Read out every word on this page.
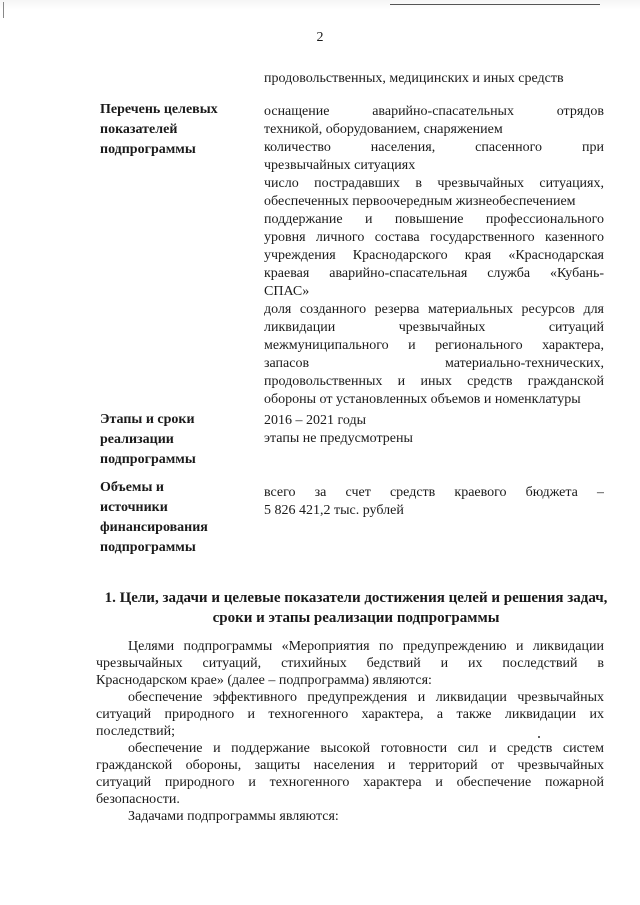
2
продовольственных, медицинских и иных средств
Перечень целевых
показателей
подпрограммы
оснащение аварийно-спасательных отрядов
техникой, оборудованием, снаряжением
количество населения, спасенного при
чрезвычайных ситуациях
число пострадавших в чрезвычайных ситуациях,
обеспеченных первоочередным жизнеобеспечением
поддержание и повышение профессионального
уровня личного состава государственного казенного
учреждения Краснодарского края «Краснодарская
краевая аварийно-спасательная служба «Кубань-
СПАС»
доля созданного резерва материальных ресурсов для
ликвидации чрезвычайных ситуаций
межмуниципального и регионального характера,
запасов материально-технических,
продовольственных и иных средств гражданской
обороны от установленных объемов и номенклатуры
Этапы и сроки
реализации
подпрограммы
2016 – 2021 годы
этапы не предусмотрены
Объемы и
источники
финансирования
подпрограммы
всего за счет средств краевого бюджета –
5 826 421,2 тыс. рублей
1. Цели, задачи и целевые показатели достижения целей и решения задач,
сроки и этапы реализации подпрограммы
Целями подпрограммы «Мероприятия по предупреждению и ликвидации
чрезвычайных ситуаций, стихийных бедствий и их последствий в
Краснодарском крае» (далее – подпрограмма) являются:
обеспечение эффективного предупреждения и ликвидации чрезвычайных
ситуаций природного и техногенного характера, а также ликвидации их
последствий;
обеспечение и поддержание высокой готовности сил и средств систем
гражданской обороны, защиты населения и территорий от чрезвычайных
ситуаций природного и техногенного характера и обеспечение пожарной
безопасности.
Задачами подпрограммы являются:
